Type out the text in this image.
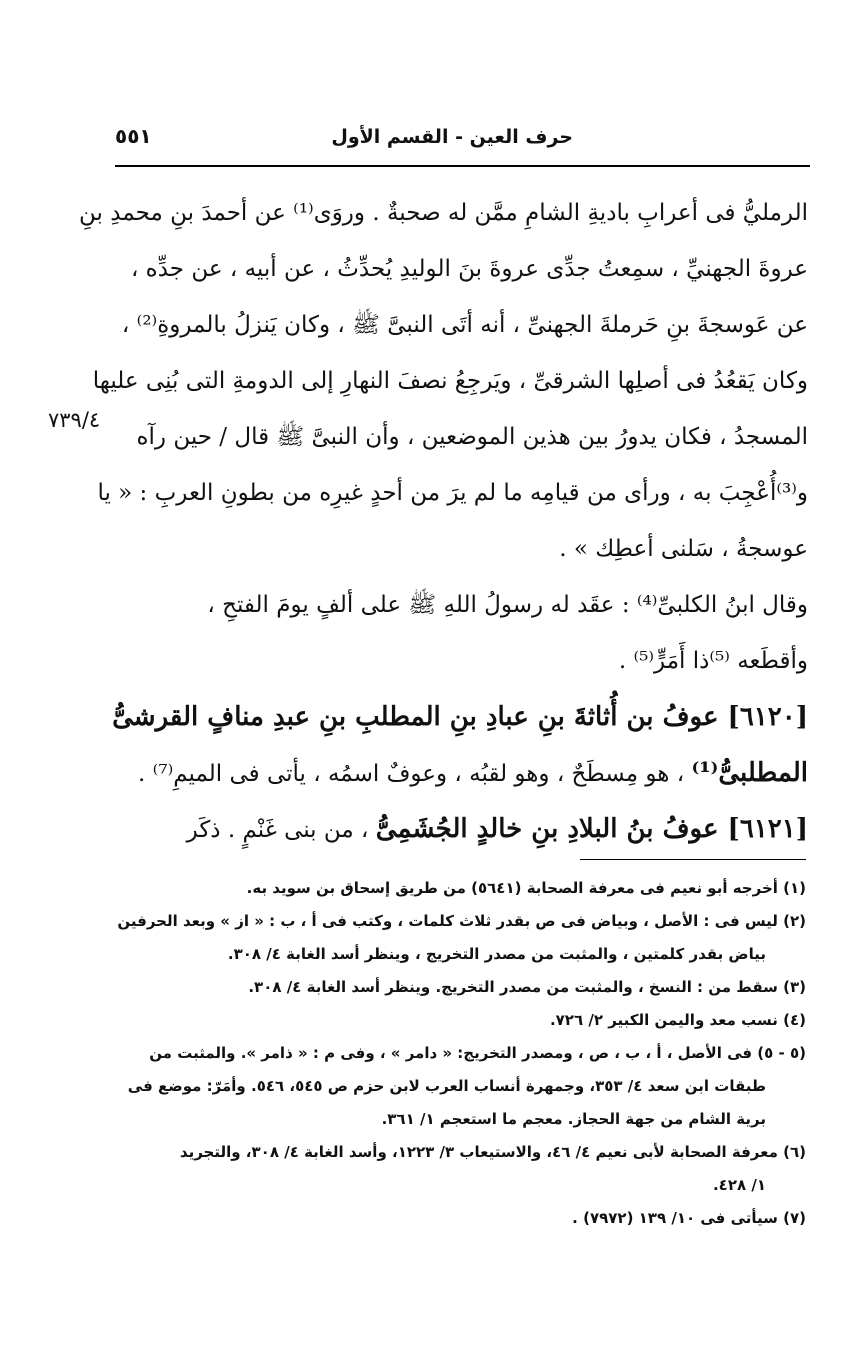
حرف العين - القسم الأول
٥٥١
٧٣٩/٤
الرمليُّ فى أعرابِ باديةِ الشامِ ممَّن له صحبةٌ . وروَى⁽¹⁾ عن أحمدَ بنِ محمدِ بنِ
عروةَ الجهنيِّ ، سمِعتُ جدِّى عروةَ بنَ الوليدِ يُحدِّثُ ، عن أبيه ، عن جدِّه ،
عن عَوسجةَ بنِ حَرملةَ الجهنىِّ ، أنه أتَى النبىَّ ﷺ ، وكان يَنزلُ بالمروةِ⁽²⁾ ،
وكان يَقعُدُ فى أصلِها الشرقىِّ ، ويَرجِعُ نصفَ النهارِ إلى الدومةِ التى بُنِى عليها
المسجدُ ، فكان يدورُ بين هذين الموضعين ، وأن النبىَّ ﷺ قال / حين رآه
و⁽³⁾أُعْجِبَ به ، ورأى من قيامِه ما لم يرَ من أحدٍ غيرِه من بطونِ العربِ : « يا
عوسجةُ ، سَلنى أعطِك » .
وقال ابنُ الكلبىِّ⁽⁴⁾ : عقَد له رسولُ اللهِ ﷺ على ألفٍ يومَ الفتحِ ،
وأقطَعه ⁽⁵⁾ذا أَمَرٍّ⁽⁵⁾ .
[٦١٢٠] عوفُ بن أُثاثةَ بنِ عبادِ بنِ المطلبِ بنِ عبدِ منافٍ القرشىُّ
المطلبىُّ⁽¹⁾ ، هو مِسطَحٌ ، وهو لقبُه ، وعوفٌ اسمُه ، يأتى فى الميمِ⁽⁷⁾ .
[٦١٢١] عوفُ بنُ البلادِ بنِ خالدٍ الجُشَمِىُّ ، من بنى غَنْمٍ . ذكَر
(١) أخرجه أبو نعيم فى معرفة الصحابة (٥٦٤١) من طريق إسحاق بن سويد به.
(٢) ليس فى : الأصل ، وبياض فى ص بقدر ثلاث كلمات ، وكتب فى أ ، ب : « از » وبعد الحرفين
بياض بقدر كلمتين ، والمثبت من مصدر التخريج ، وينظر أسد الغابة ٤/ ٣٠٨.
(٣) سقط من : النسخ ، والمثبت من مصدر التخريج. وينظر أسد الغابة ٤/ ٣٠٨.
(٤) نسب معد واليمن الكبير ٢/ ٧٢٦.
(٥ - ٥) فى الأصل ، أ ، ب ، ص ، ومصدر التخريج: « دامر » ، وفى م : « ذامر ». والمثبت من
طبقات ابن سعد ٤/ ٣٥٣، وجمهرة أنساب العرب لابن حزم ص ٥٤٥، ٥٤٦. وأمَرّ: موضع فى
برية الشام من جهة الحجاز. معجم ما استعجم ١/ ٣٦١.
(٦) معرفة الصحابة لأبى نعيم ٤/ ٤٦، والاستيعاب ٣/ ١٢٢٣، وأسد الغابة ٤/ ٣٠٨، والتجريد
١/ ٤٢٨.
(٧) سيأتى فى ١٠/ ١٣٩ (٧٩٧٢) .
